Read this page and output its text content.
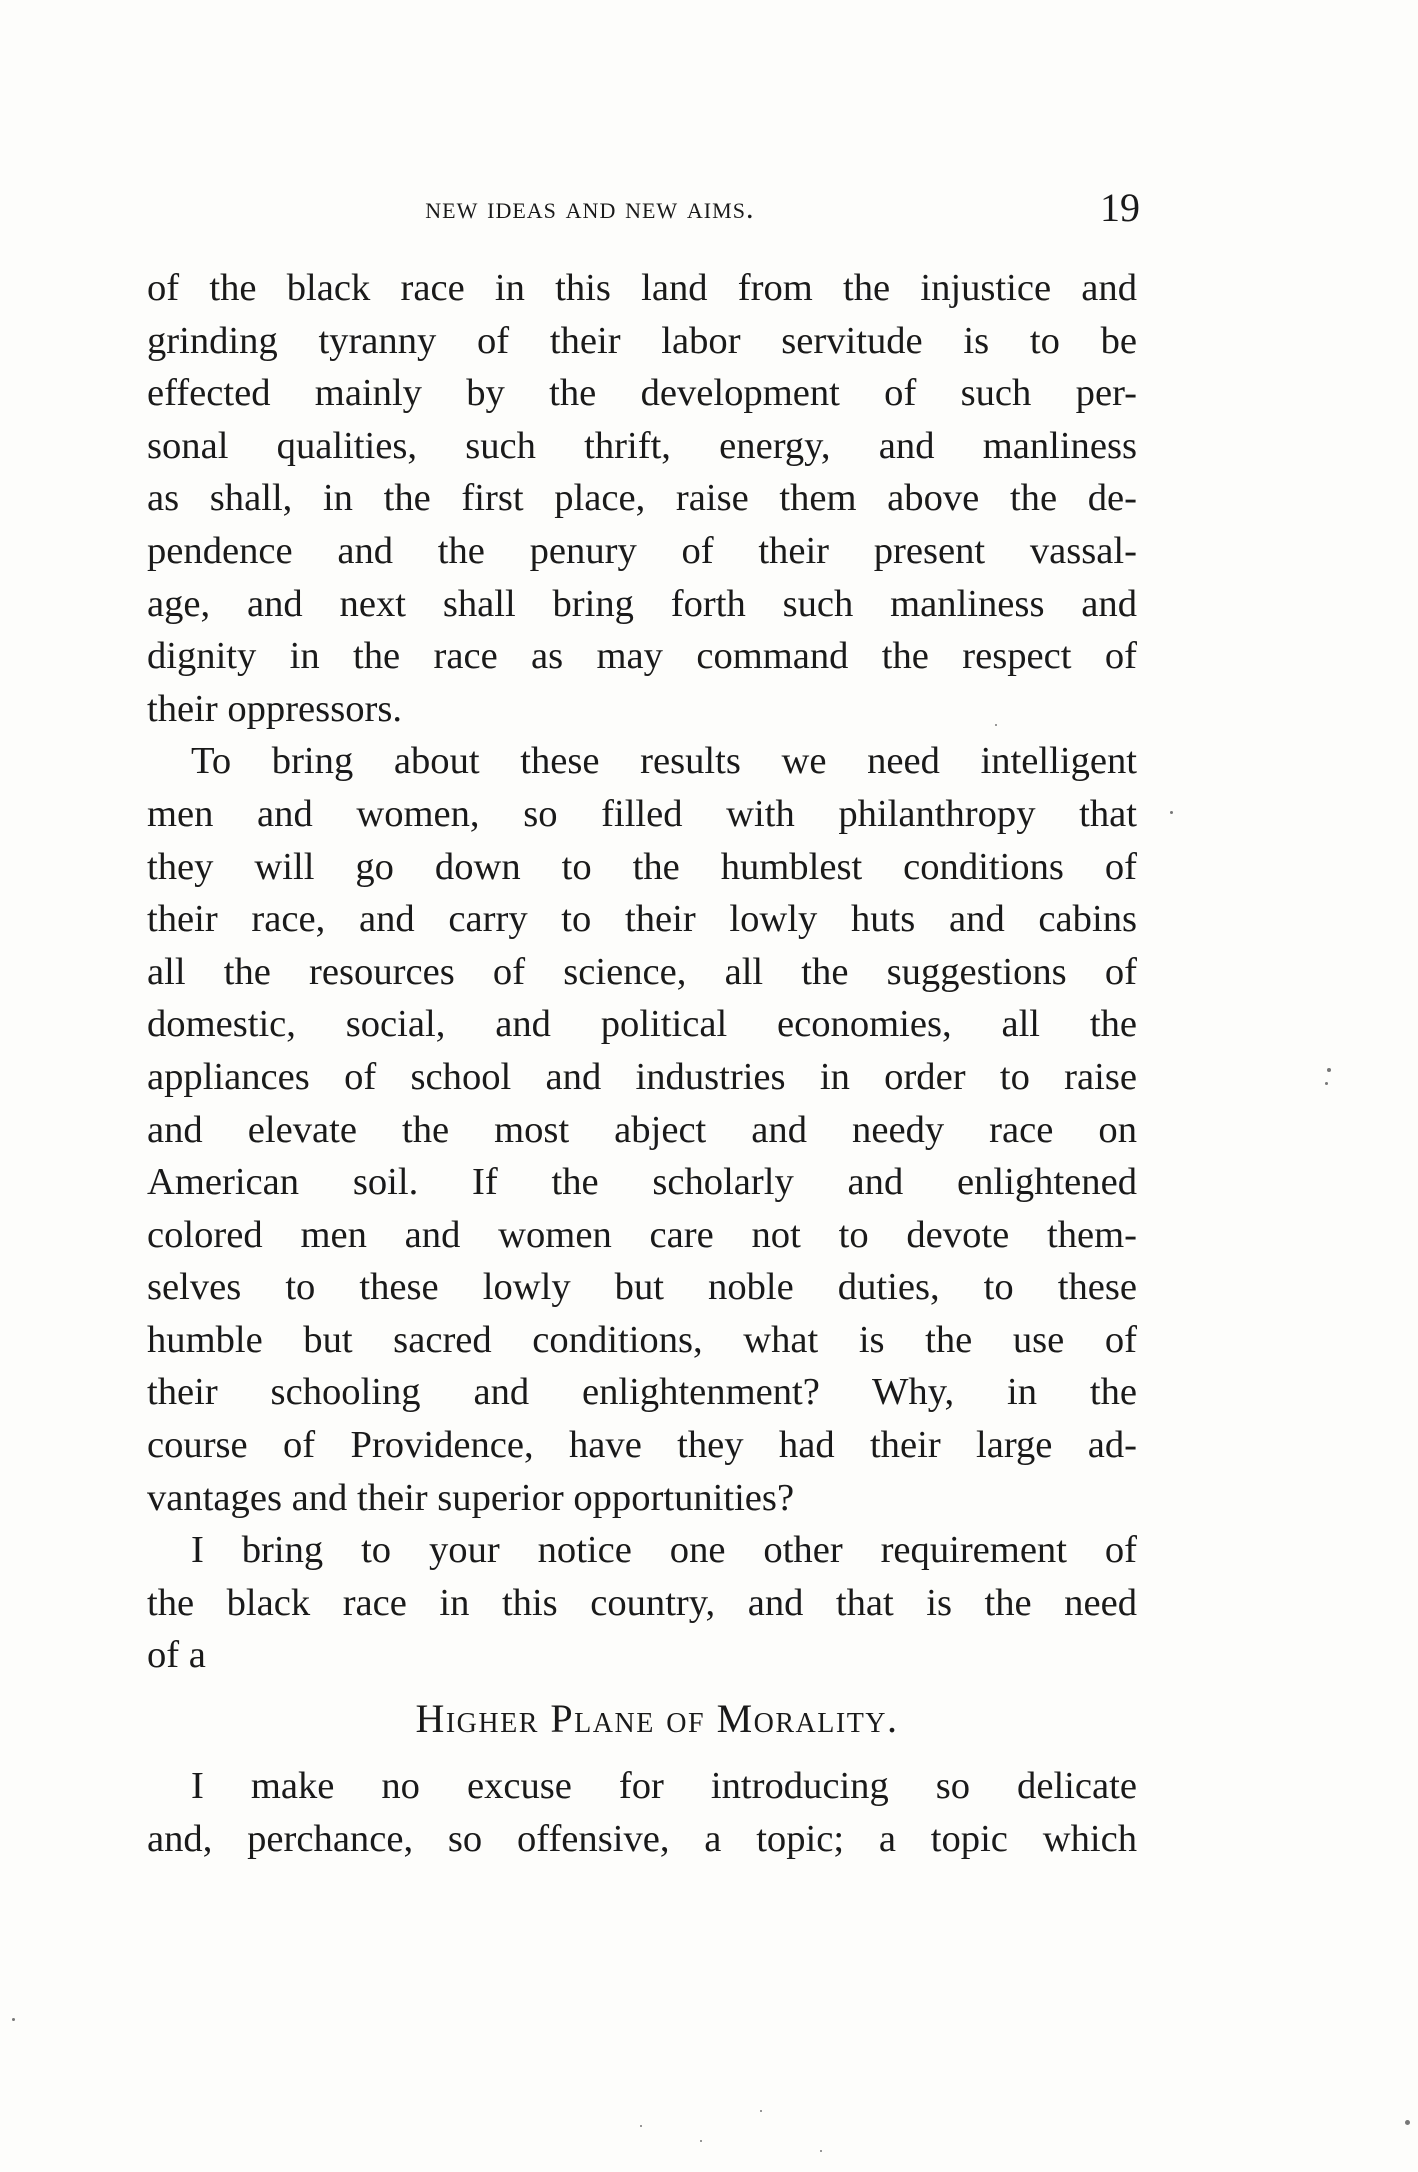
new ideas and new aims.	19
of the black race in this land from the injustice and
grinding tyranny of their labor servitude is to be
effected mainly by the development of such per-
sonal qualities, such thrift, energy, and manliness
as shall, in the first place, raise them above the de-
pendence and the penury of their present vassal-
age, and next shall bring forth such manliness and
dignity in the race as may command the respect of
their oppressors.
To bring about these results we need intelligent
men and women, so filled with philanthropy that
they will go down to the humblest conditions of
their race, and carry to their lowly huts and cabins
all the resources of science, all the suggestions of
domestic, social, and political economies, all the
appliances of school and industries in order to raise
and elevate the most abject and needy race on
American soil. If the scholarly and enlightened
colored men and women care not to devote them-
selves to these lowly but noble duties, to these
humble but sacred conditions, what is the use of
their schooling and enlightenment? Why, in the
course of Providence, have they had their large ad-
vantages and their superior opportunities?
I bring to your notice one other requirement of
the black race in this country, and that is the need
of a
Higher Plane of Morality.
I make no excuse for introducing so delicate
and, perchance, so offensive, a topic; a topic which
